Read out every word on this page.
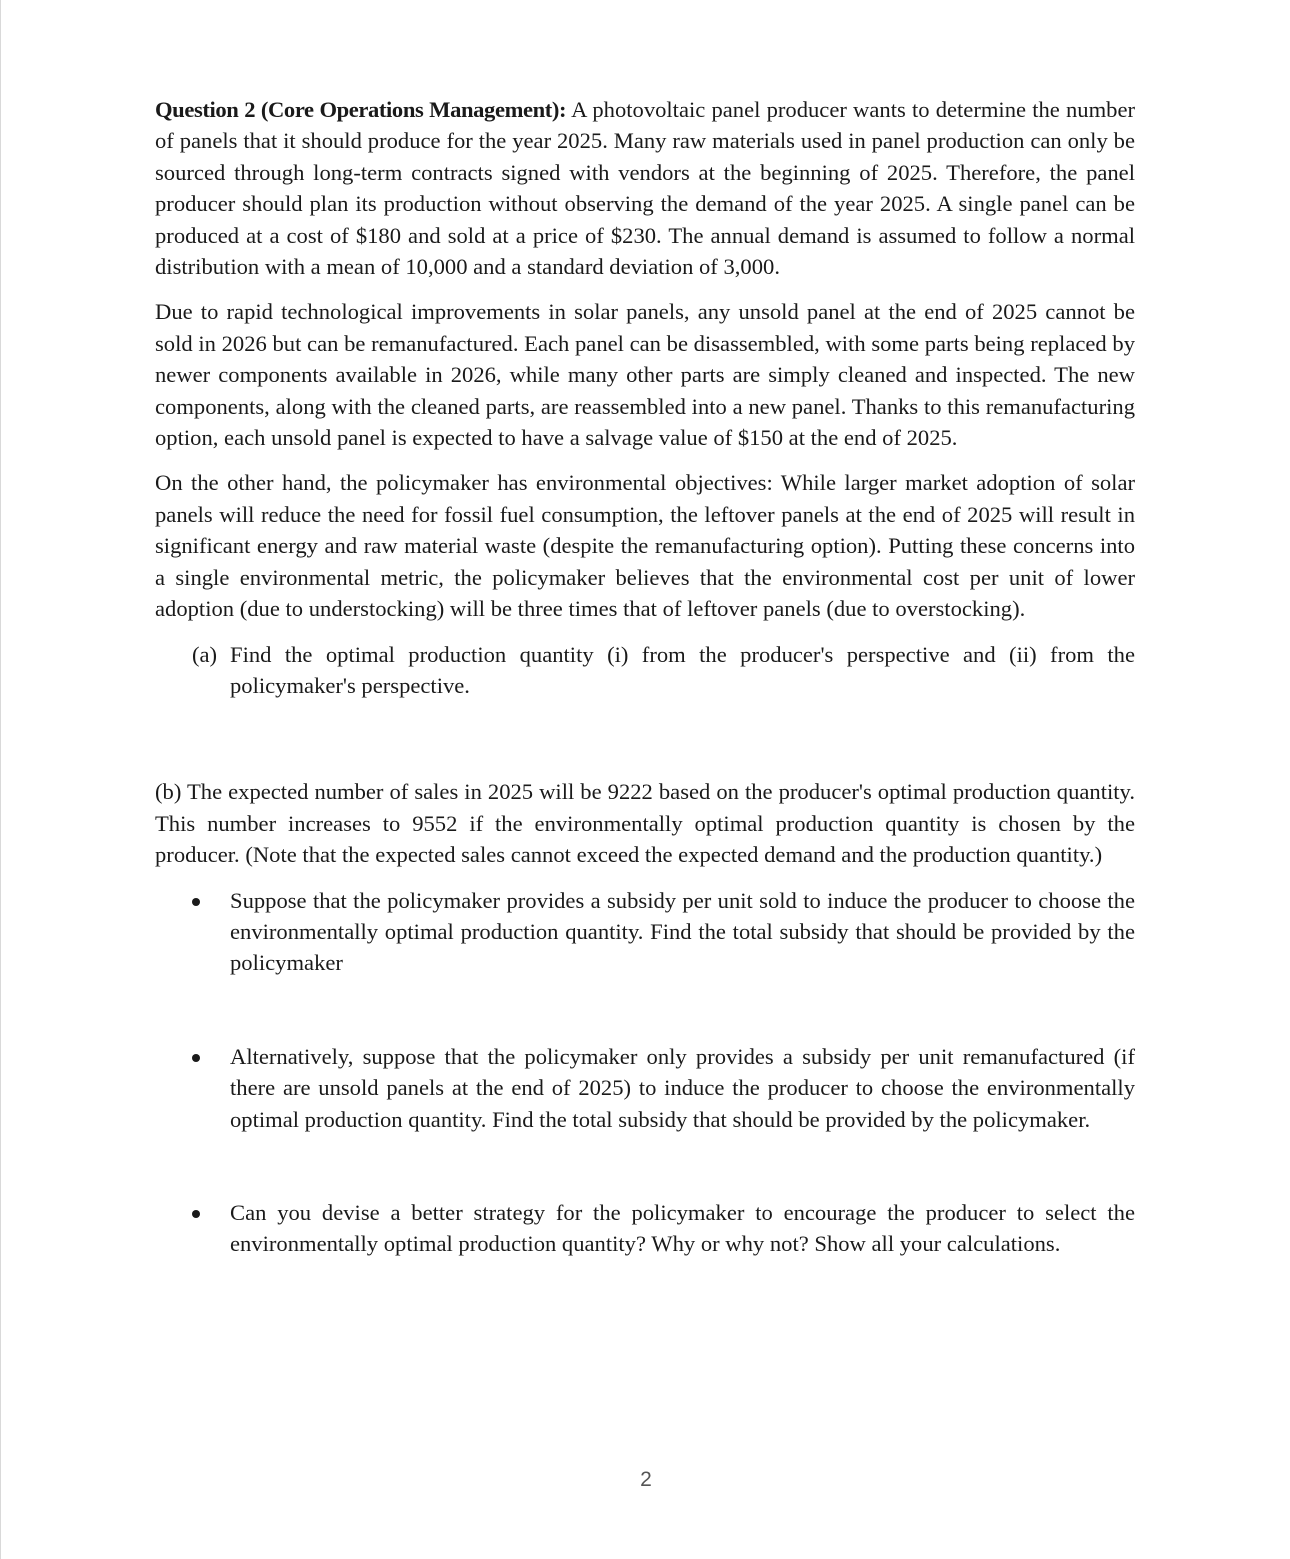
Question 2 (Core Operations Management): A photovoltaic panel producer wants to determine the number of panels that it should produce for the year 2025. Many raw materials used in panel production can only be sourced through long-term contracts signed with vendors at the beginning of 2025. Therefore, the panel producer should plan its production without observing the demand of the year 2025. A single panel can be produced at a cost of $180 and sold at a price of $230. The annual demand is assumed to follow a normal distribution with a mean of 10,000 and a standard deviation of 3,000.

Due to rapid technological improvements in solar panels, any unsold panel at the end of 2025 cannot be sold in 2026 but can be remanufactured. Each panel can be disassembled, with some parts being replaced by newer components available in 2026, while many other parts are simply cleaned and inspected. The new components, along with the cleaned parts, are reassembled into a new panel. Thanks to this remanufacturing option, each unsold panel is expected to have a salvage value of $150 at the end of 2025.

On the other hand, the policymaker has environmental objectives: While larger market adoption of solar panels will reduce the need for fossil fuel consumption, the leftover panels at the end of 2025 will result in significant energy and raw material waste (despite the remanufacturing option). Putting these concerns into a single environmental metric, the policymaker believes that the environmental cost per unit of lower adoption (due to understocking) will be three times that of leftover panels (due to overstocking).

(a) Find the optimal production quantity (i) from the producer's perspective and (ii) from the policymaker's perspective.

(b) The expected number of sales in 2025 will be 9222 based on the producer's optimal production quantity. This number increases to 9552 if the environmentally optimal production quantity is chosen by the producer. (Note that the expected sales cannot exceed the expected demand and the production quantity.)

Suppose that the policymaker provides a subsidy per unit sold to induce the producer to choose the environmentally optimal production quantity. Find the total subsidy that should be provided by the policymaker
Alternatively, suppose that the policymaker only provides a subsidy per unit remanufactured (if there are unsold panels at the end of 2025) to induce the producer to choose the environmentally optimal production quantity. Find the total subsidy that should be provided by the policymaker.
Can you devise a better strategy for the policymaker to encourage the producer to select the environmentally optimal production quantity? Why or why not? Show all your calculations.
2
